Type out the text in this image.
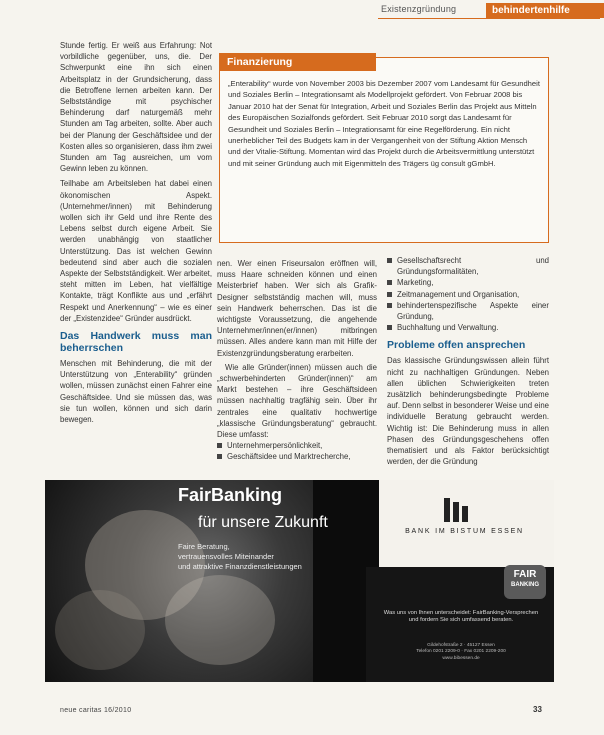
Existenzgründung	behindertenhilfe

Stunde fertig. Er weiß aus Erfahrung: Not vorbildliche gegenüber, uns, die. Der Schwerpunkt eine ihn sich einen Arbeitsplatz in der Grundsicherung, dass die Betroffene lernen arbeiten kann. Der Selbstständige mit psychischer Behinderung darf naturgemäß mehr Stunden am Tag arbeiten, sollte. Aber auch bei der Planung der Geschäftsidee und der Kosten alles so organisieren, dass ihm zwei Stunden am Tag ausreichen, um vom Gewinn leben zu können.

Teilhabe am Arbeitsleben hat dabei einen ökonomischen Aspekt. (Unternehmer/innen) mit Behinderung wollen sich ihr Geld und ihre Rente des Lebens selbst durch eigene Arbeit. Sie werden unabhängig von staatlicher Unterstützung. Das ist welchen Gewinn bedeutend sind aber auch die sozialen Aspekte der Selbstständigkeit. Wer arbeitet, steht mitten im Leben, hat vielfältige Kontakte, trägt Konflikte aus und „erfährt Respekt und Anerkennung“ – wie es einer der „Existenzidee“ Gründer ausdrückt.

Das Handwerk muss man beherrschen

Menschen mit Behinderung, die mit der Unterstützung von „Enterability“ gründen wollen, müssen zunächst einen Fahrer eine Geschäftsidee. Und sie müssen das, was sie tun wollen, können und sich darin bewegen.

Finanzierung
„Enterability“ wurde von November 2003 bis Dezember 2007 vom Landesamt für Gesundheit und Soziales Berlin – Integrationsamt als Modellprojekt gefördert. Von Februar 2008 bis Januar 2010 hat der Senat für Integration, Arbeit und Soziales Berlin das Projekt aus Mitteln des Europäischen Sozialfonds gefördert. Seit Februar 2010 sorgt das Landesamt für Gesundheit und Soziales Berlin – Integrationsamt für eine Regelförderung. Ein nicht unerheblicher Teil des Budgets kam in der Vergangenheit von der Stiftung Aktion Mensch und der Vitalie-Stiftung. Momentan wird das Projekt durch die Arbeitsvermittlung unterstützt und mit seiner Gründung auch mit Eigenmitteln des Trägers üg consult gGmbH.

nen. Wer einen Friseursalon eröffnen will, muss Haare schneiden können und einen Meisterbrief haben. Wer sich als Grafik-Designer selbstständig machen will, muss sein Handwerk beherrschen. Das ist die wichtigste Voraussetzung, die angehende Unternehmer/innen(er/innen) mitbringen müssen. Alles andere kann man mit Hilfe der Existenzgründungsberatung erarbeiten.

Wie alle Gründer(innen) müssen auch die „schwerbehinderten Gründer(innen)“ am Markt bestehen – ihre Geschäftsideen müssen nachhaltig tragfähig sein. Über ihr zentrales eine qualitativ hochwertige „klassische Gründungsberatung“ gebraucht. Diese umfasst:

Unternehmerpersönlichkeit,
Geschäftsidee und Marktrecherche,
Gesellschaftsrecht und Gründungsformalitäten,
Marketing,
Zeitmanagement und Organisation,
behindertenspezifische Aspekte einer Gründung,
Buchhaltung und Verwaltung.
Probleme offen ansprechen

Das klassische Gründungswissen allein führt nicht zu nachhaltigen Gründungen. Neben allen üblichen Schwierigkeiten treten zusätzlich behinderungsbedingte Probleme auf. Denn selbst in besonderer Weise und eine individuelle Beratung gebraucht werden. Wichtig ist: Die Behinderung muss in allen Phasen des Gründungsgeschehens offen thematisiert und als Faktor berücksichtigt werden, der die Gründung

BANK IM BISTUM ESSEN
FAIR
BANKING
FairBanking
für unsere Zukunft
Faire Beratung,
vertrauensvolles Miteinander
und attraktive Finanzdienstleistungen
Was uns von Ihnen unterscheidet: FairBanking-Versprechen
und fordern Sie sich umfassend beraten.
Gildehofstraße 2 · 45127 Essen
Telefon 0201 2209-0 · Fax 0201 2209-200
www.bibessen.de
neue caritas 16/2010	33
